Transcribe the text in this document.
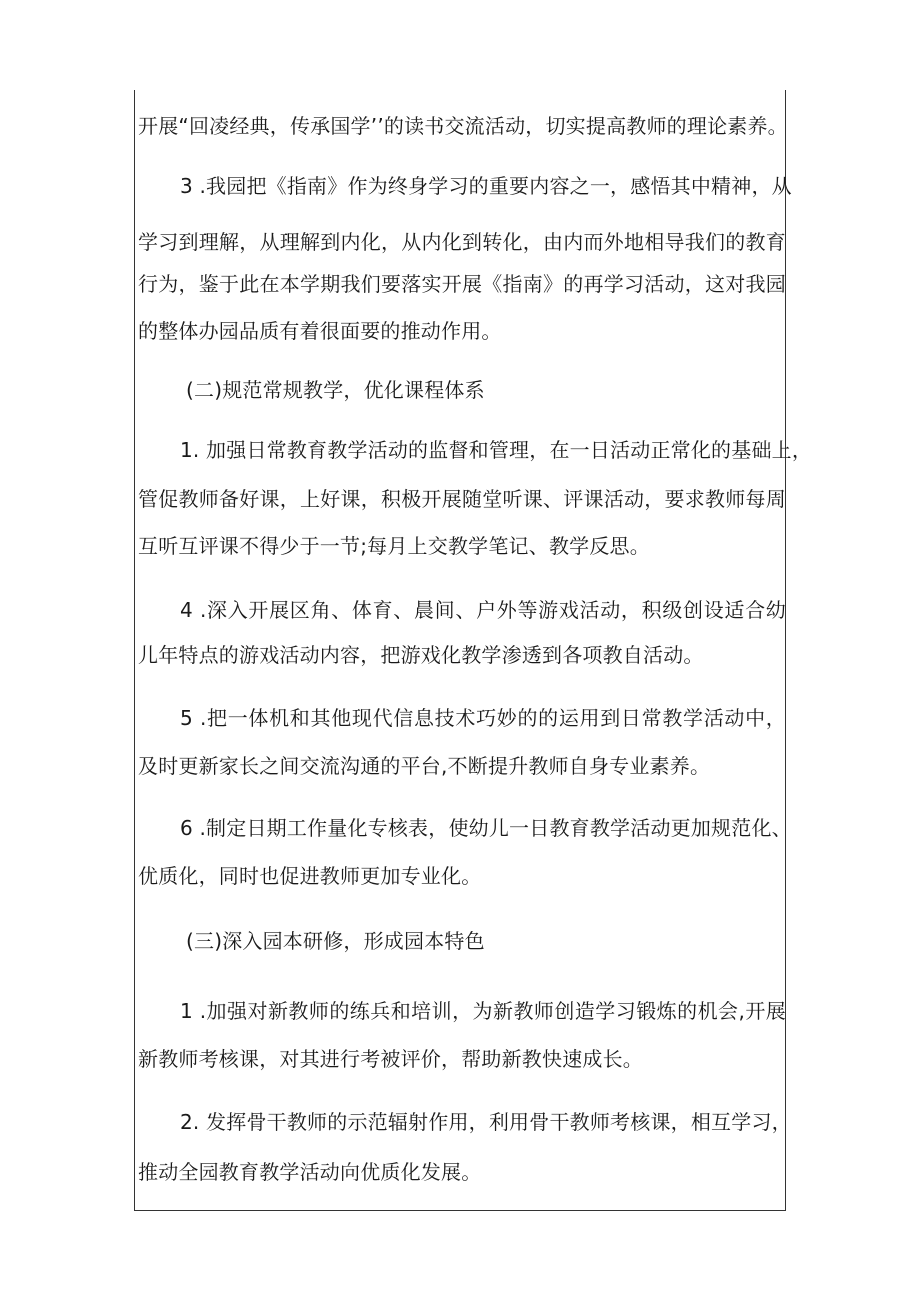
开展“回凌经典，传承国学’’的读书交流活动，切实提高教师的理论素养。
3 .我园把《指南》作为终身学习的重要内容之一，感悟其中精神，从
学习到理解，从理解到内化，从内化到转化，由内而外地相导我们的教育
行为，鉴于此在本学期我们要落实开展《指南》的再学习活动，这对我园
的整体办园品质有着很面要的推动作用。
(二)规范常规教学，优化课程体系
1. 加强日常教育教学活动的监督和管理，在一日活动正常化的基础上，
管促教师备好课，上好课，积极开展随堂听课、评课活动，要求教师每周
互听互评课不得少于一节;每月上交教学笔记、教学反思。
4 .深入开展区角、体育、晨间、户外等游戏活动，积级创设适合幼
儿年特点的游戏活动内容，把游戏化教学渗透到各项教自活动。
5 .把一体机和其他现代信息技术巧妙的的运用到日常教学活动中，
及时更新家长之间交流沟通的平台,不断提升教师自身专业素养。
6 .制定日期工作量化专核表，使幼儿一日教育教学活动更加规范化、
优质化，同时也促进教师更加专业化。
(三)深入园本研修，形成园本特色
1 .加强对新教师的练兵和培训，为新教师创造学习锻炼的机会,开展
新教师考核课，对其进行考被评价，帮助新教快速成长。
2. 发挥骨干教师的示范辐射作用，利用骨干教师考核课，相互学习，
推动全园教育教学活动向优质化发展。
